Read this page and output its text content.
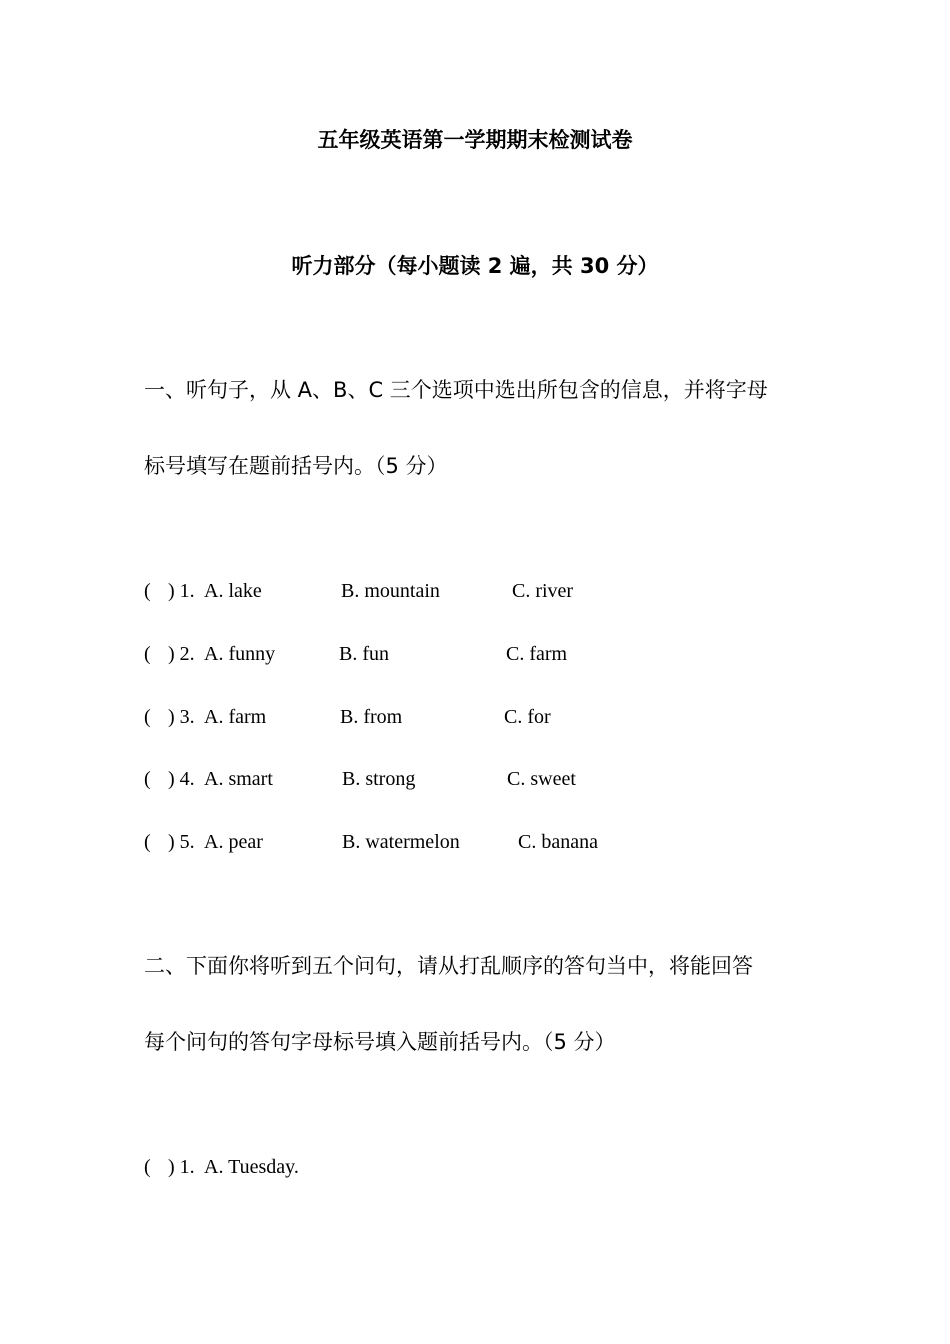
五年级英语第一学期期末检测试卷
听力部分（每小题读 2 遍，共 30 分）
一、听句子，从 A、B、C 三个选项中选出所包含的信息，并将字母
标号填写在题前括号内。（5 分）
( ) 1. A. lake	B. mountain	C. river
( ) 2. A. funny	B. fun	C. farm
( ) 3. A. farm	B. from	C. for
( ) 4. A. smart	B. strong	C. sweet
( ) 5. A. pear	B. watermelon	C. banana
二、下面你将听到五个问句，请从打乱顺序的答句当中，将能回答
每个问句的答句字母标号填入题前括号内。（5 分）
( ) 1. A. Tuesday.
